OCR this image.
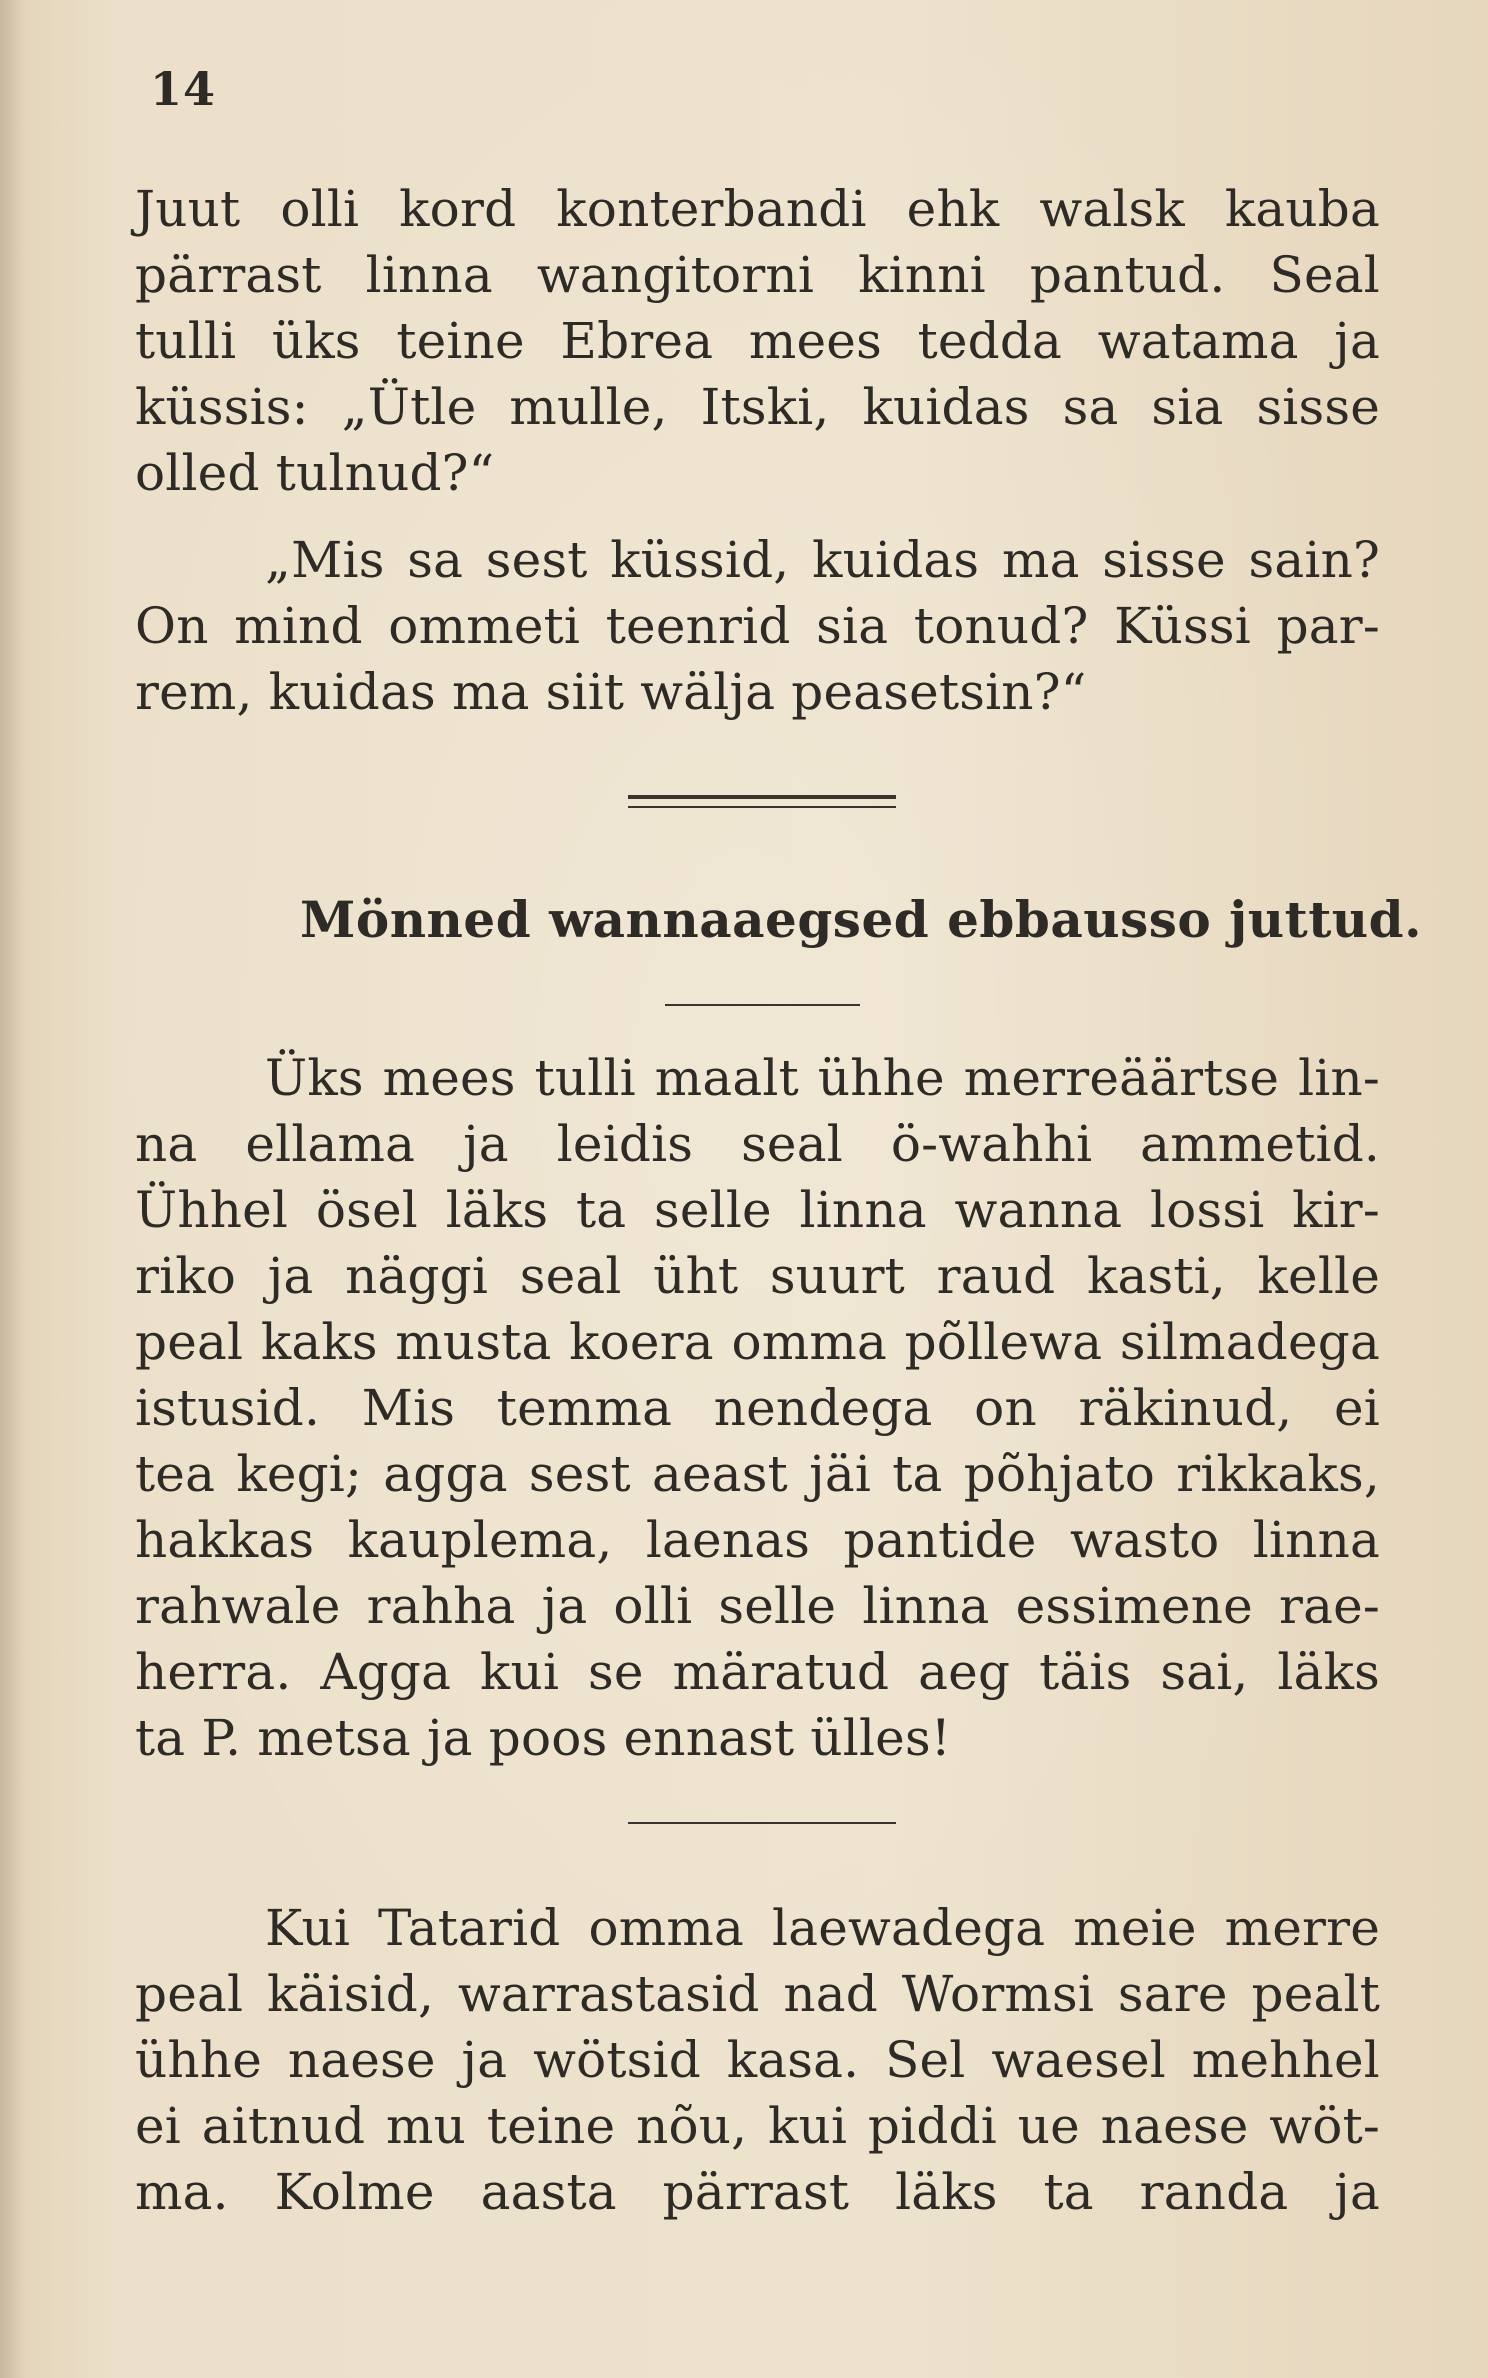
14
Juut olli kord konterbandi ehk walsk kauba
pärrast linna wangitorni kinni pantud. Seal
tulli üks teine Ebrea mees tedda watama ja
küssis: „Ütle mulle, Itski, kuidas sa sia sisse
olled tulnud?“
„Mis sa sest küssid, kuidas ma sisse sain?
On mind ommeti teenrid sia tonud? Küssi par-
rem, kuidas ma siit wälja peasetsin?“
Mönned wannaaegsed ebbausso juttud.
Üks mees tulli maalt ühhe merreäärtse lin-
na ellama ja leidis seal ö-wahhi ammetid.
Ühhel ösel läks ta selle linna wanna lossi kir-
riko ja näggi seal üht suurt raud kasti, kelle
peal kaks musta koera omma põllewa silmadega
istusid. Mis temma nendega on räkinud, ei
tea kegi; agga sest aeast jäi ta põhjato rikkaks,
hakkas kauplema, laenas pantide wasto linna
rahwale rahha ja olli selle linna essimene rae-
herra. Agga kui se märatud aeg täis sai, läks
ta P. metsa ja poos ennast ülles!
Kui Tatarid omma laewadega meie merre
peal käisid, warrastasid nad Wormsi sare pealt
ühhe naese ja wötsid kasa. Sel waesel mehhel
ei aitnud mu teine nõu, kui piddi ue naese wöt-
ma. Kolme aasta pärrast läks ta randa ja
